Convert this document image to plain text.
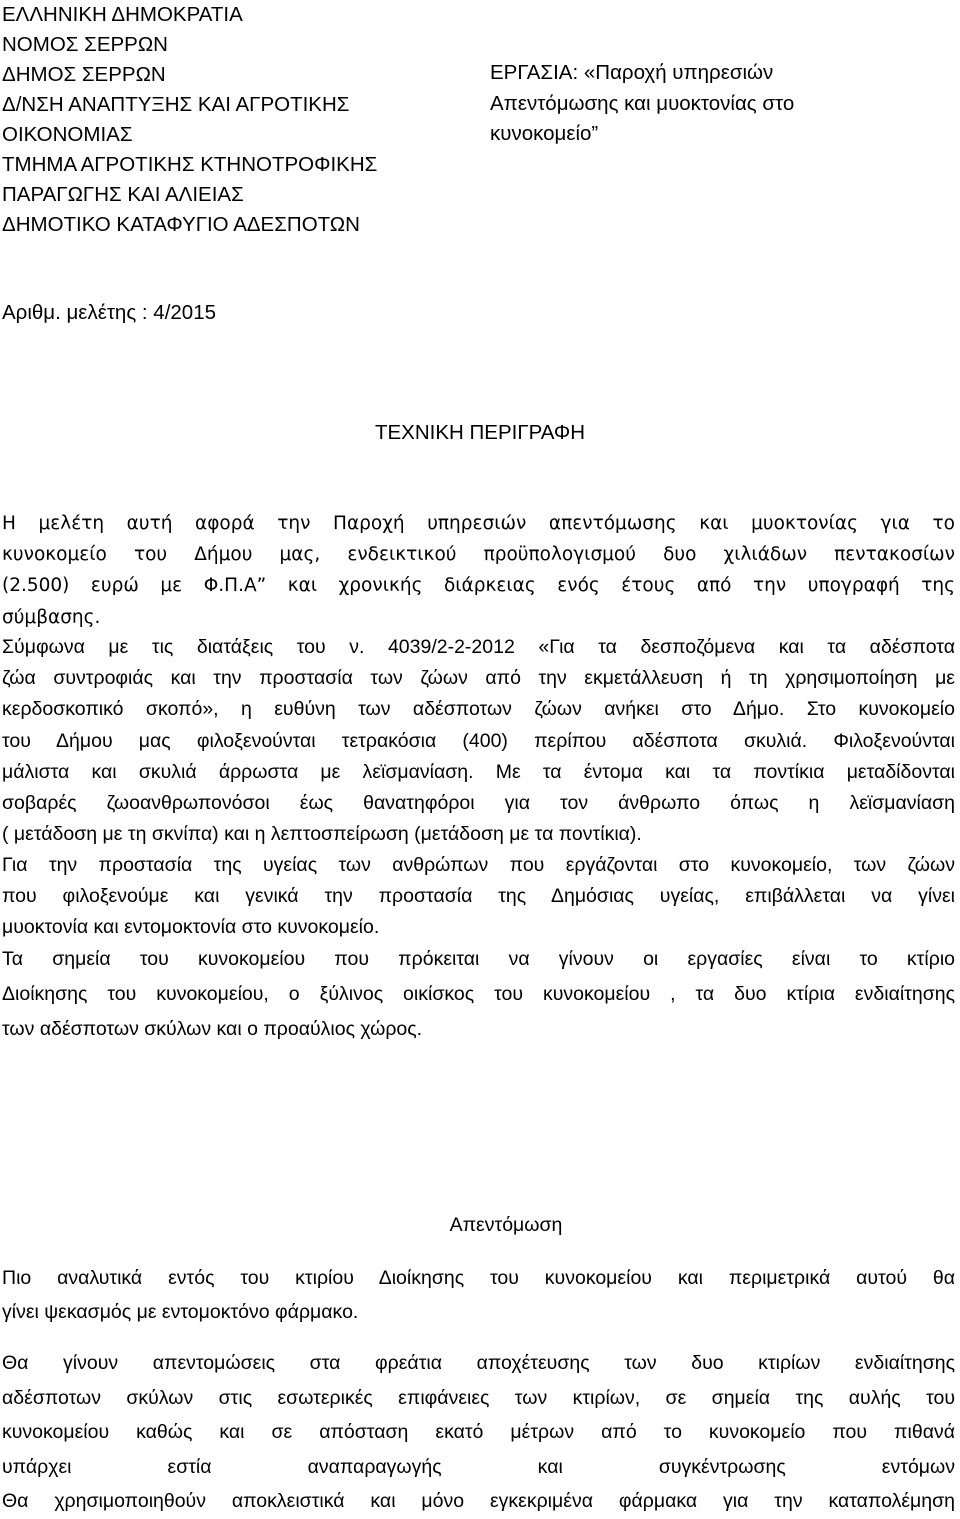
ΕΛΛΗΝΙΚΗ ΔΗΜΟΚΡΑΤΙΑ
ΝΟΜΟΣ ΣΕΡΡΩΝ
ΔΗΜΟΣ ΣΕΡΡΩΝ
Δ/ΝΣΗ ΑΝΑΠΤΥΞΗΣ ΚΑΙ ΑΓΡΟΤΙΚΗΣ
ΟΙΚΟΝΟΜΙΑΣ
ΤΜΗΜΑ ΑΓΡΟΤΙΚΗΣ ΚΤΗΝΟΤΡΟΦΙΚΗΣ
ΠΑΡΑΓΩΓΗΣ ΚΑΙ ΑΛΙΕΙΑΣ
ΔΗΜΟΤΙΚΟ ΚΑΤΑΦΥΓΙΟ ΑΔΕΣΠΟΤΩΝ
ΕΡΓΑΣΙΑ: «Παροχή υπηρεσιών
Απεντόμωσης και μυοκτονίας στο
κυνοκομείο”
Αριθμ. μελέτης : 4/2015
ΤΕΧΝΙΚΗ ΠΕΡΙΓΡΑΦΗ
Η μελέτη αυτή αφορά την Παροχή υπηρεσιών απεντόμωσης και μυοκτονίας για το
κυνοκομείο του Δήμου μας, ενδεικτικού προϋπολογισμού δυο χιλιάδων πεντακοσίων
(2.500) ευρώ με Φ.Π.Α” και χρονικής διάρκειας ενός έτους από την υπογραφή της
σύμβασης.
Σύμφωνα με τις διατάξεις του ν. 4039/2-2-2012 «Για τα δεσποζόμενα και τα αδέσποτα
ζώα συντροφιάς και την προστασία των ζώων από την εκμετάλλευση ή τη χρησιμοποίηση με
κερδοσκοπικό σκοπό», η ευθύνη των αδέσποτων ζώων ανήκει στο Δήμο. Στο κυνοκομείο
του Δήμου μας φιλοξενούνται τετρακόσια (400) περίπου αδέσποτα σκυλιά. Φιλοξενούνται
μάλιστα και σκυλιά άρρωστα με λεϊσμανίαση. Με τα έντομα και τα ποντίκια μεταδίδονται
σοβαρές ζωοανθρωπονόσοι έως θανατηφόροι για τον άνθρωπο όπως η λεϊσμανίαση
( μετάδοση με τη σκνίπα) και η λεπτοσπείρωση (μετάδοση με τα ποντίκια).
Για την προστασία της υγείας των ανθρώπων που εργάζονται στο κυνοκομείο, των ζώων
που φιλοξενούμε και γενικά την προστασία της Δημόσιας υγείας, επιβάλλεται να γίνει
μυοκτονία και εντομοκτονία στο κυνοκομείο.
Τα σημεία του κυνοκομείου που πρόκειται να γίνουν οι εργασίες είναι το κτίριο
Διοίκησης του κυνοκομείου, ο ξύλινος οικίσκος του κυνοκομείου , τα δυο κτίρια ενδιαίτησης
των αδέσποτων σκύλων και ο προαύλιος χώρος.
Απεντόμωση
Πιο αναλυτικά εντός του κτιρίου Διοίκησης του κυνοκομείου και περιμετρικά αυτού θα
γίνει ψεκασμός με εντομοκτόνο φάρμακο.
Θα γίνουν απεντομώσεις στα φρεάτια αποχέτευσης των δυο κτιρίων ενδιαίτησης
αδέσποτων σκύλων στις εσωτερικές επιφάνειες των κτιρίων, σε σημεία της αυλής του
κυνοκομείου καθώς και σε απόσταση εκατό μέτρων από το κυνοκομείο που πιθανά
υπάρχει εστία αναπαραγωγής και συγκέντρωσης εντόμων
Θα χρησιμοποιηθούν αποκλειστικά και μόνο εγκεκριμένα φάρμακα για την καταπολέμηση
